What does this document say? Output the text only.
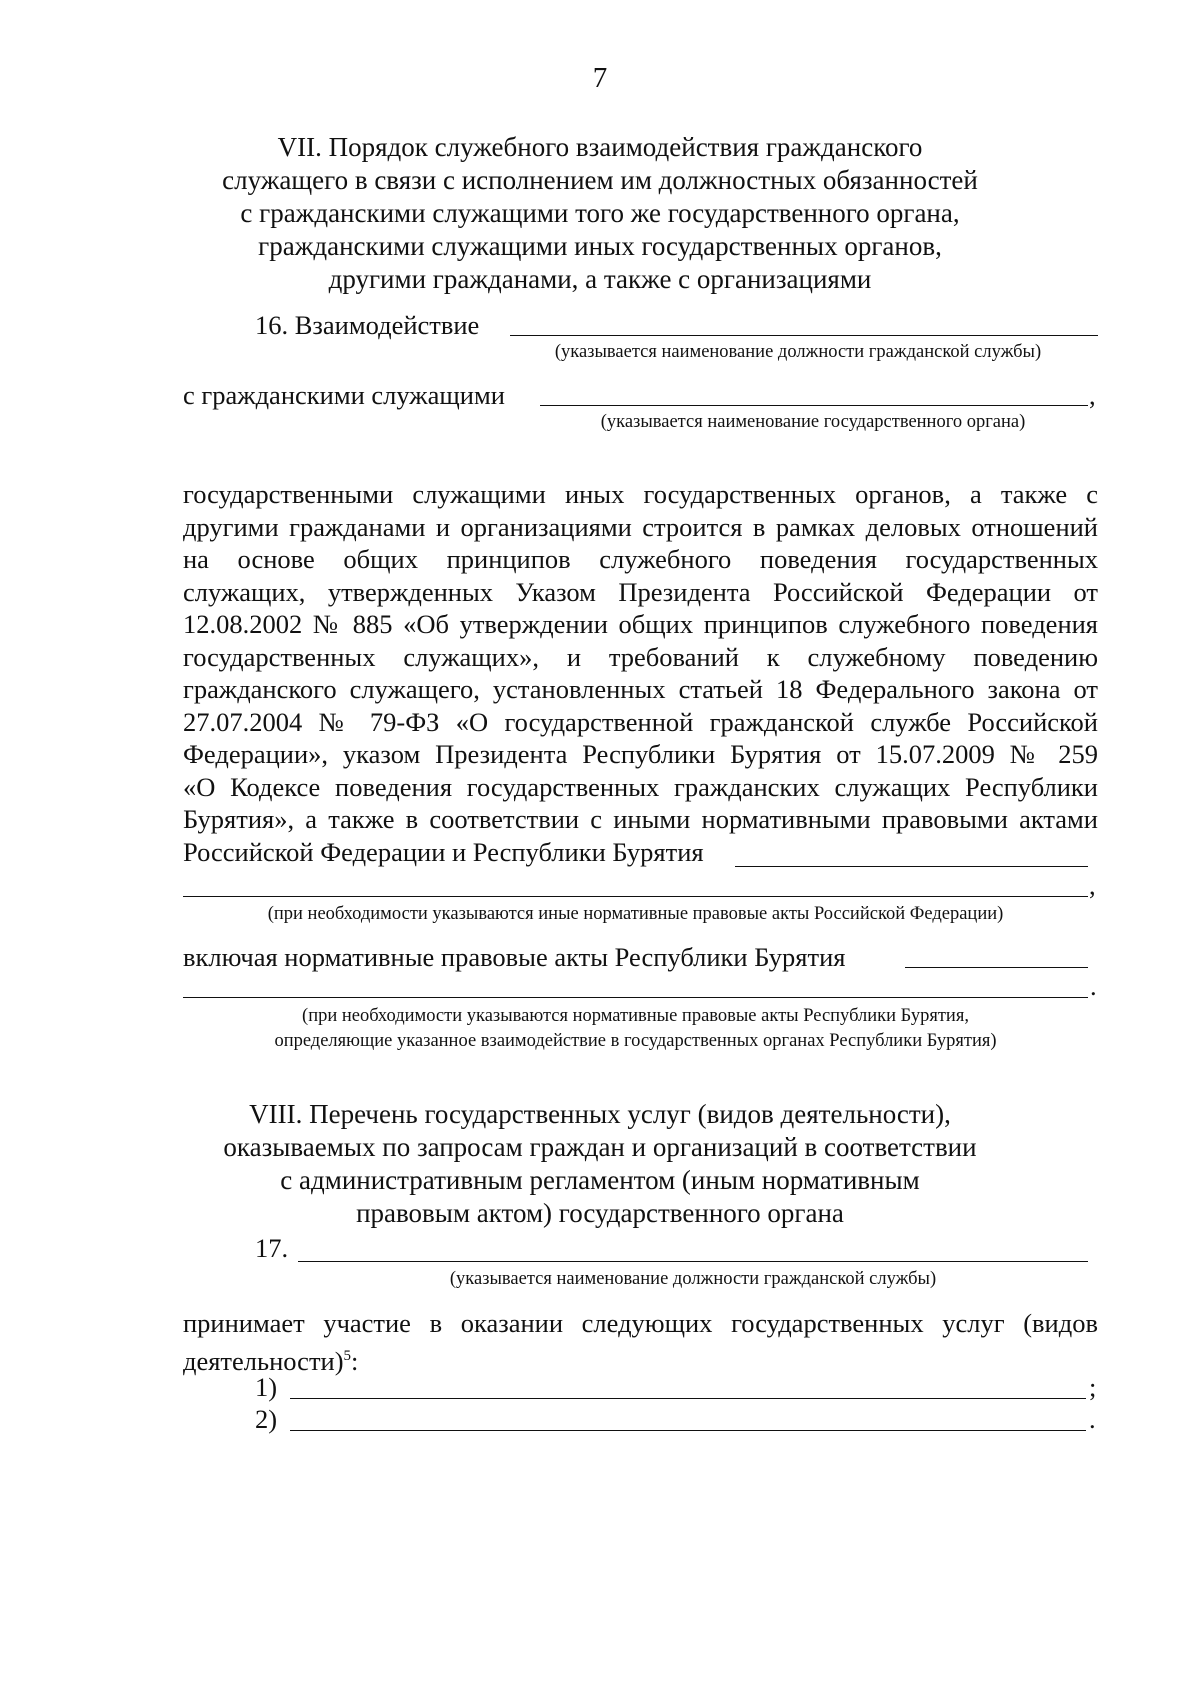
7
VII. Порядок служебного взаимодействия гражданского
служащего в связи с исполнением им должностных обязанностей
с гражданскими служащими того же государственного органа,
гражданскими служащими иных государственных органов,
другими гражданами, а также с организациями
16. Взаимодействие
(указывается наименование должности гражданской службы)
с гражданскими служащими	,
(указывается наименование государственного органа)
государственными служащими иных государственных органов, а также с
другими гражданами и организациями строится в рамках деловых отношений
на основе общих принципов служебного поведения государственных
служащих, утвержденных Указом Президента Российской Федерации от
12.08.2002 № 885 «Об утверждении общих принципов служебного поведения
государственных служащих», и требований к служебному поведению
гражданского служащего, установленных статьей 18 Федерального закона от
27.07.2004 № 79-ФЗ «О государственной гражданской службе Российской
Федерации», указом Президента Республики Бурятия от 15.07.2009 № 259
«О Кодексе поведения государственных гражданских служащих Республики
Бурятия», а также в соответствии с иными нормативными правовыми актами
Российской Федерации и Республики Бурятия
,
(при необходимости указываются иные нормативные правовые акты Российской Федерации)
включая нормативные правовые акты Республики Бурятия
.
(при необходимости указываются нормативные правовые акты Республики Бурятия,
определяющие указанное взаимодействие в государственных органах Республики Бурятия)
VIII. Перечень государственных услуг (видов деятельности),
оказываемых по запросам граждан и организаций в соответствии
с административным регламентом (иным нормативным
правовым актом) государственного органа
17.
(указывается наименование должности гражданской службы)
принимает участие в оказании следующих государственных услуг (видов
деятельности)$^5$:
1)	;
2)	.
